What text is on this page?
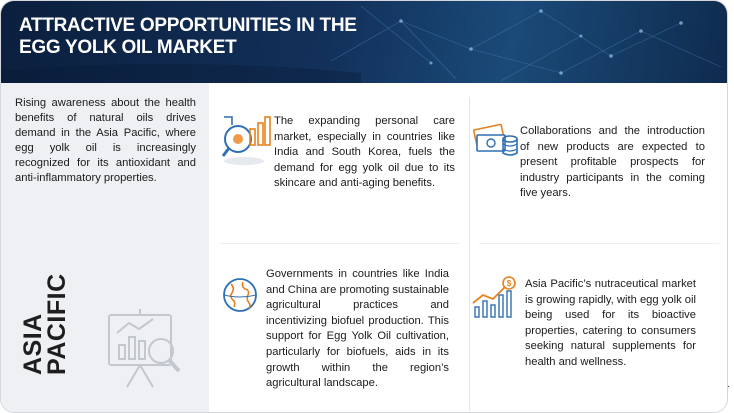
ATTRACTIVE OPPORTUNITIES IN THE
EGG YOLK OIL MARKET

Rising awareness about the health benefits of natural oils drives demand in the Asia Pacific, where egg yolk oil is increasingly recognized for its antioxidant and anti-inflammatory properties.

ASIA
PACIFIC

The expanding personal care market, especially in countries like India and South Korea, fuels the demand for egg yolk oil due to its skincare and anti-aging benefits.

Collaborations and the introduction of new products are expected to present profitable prospects for industry participants in the coming five years.

Governments in countries like India and China are promoting sustainable agricultural practices and incentivizing biofuel production. This support for Egg Yolk Oil cultivation, particularly for biofuels, aids in its growth within the region’s agricultural landscape.

$ Asia Pacific’s nutraceutical market is growing rapidly, with egg yolk oil being used for its bioactive properties, catering to consumers seeking natural supplements for health and wellness.

.
